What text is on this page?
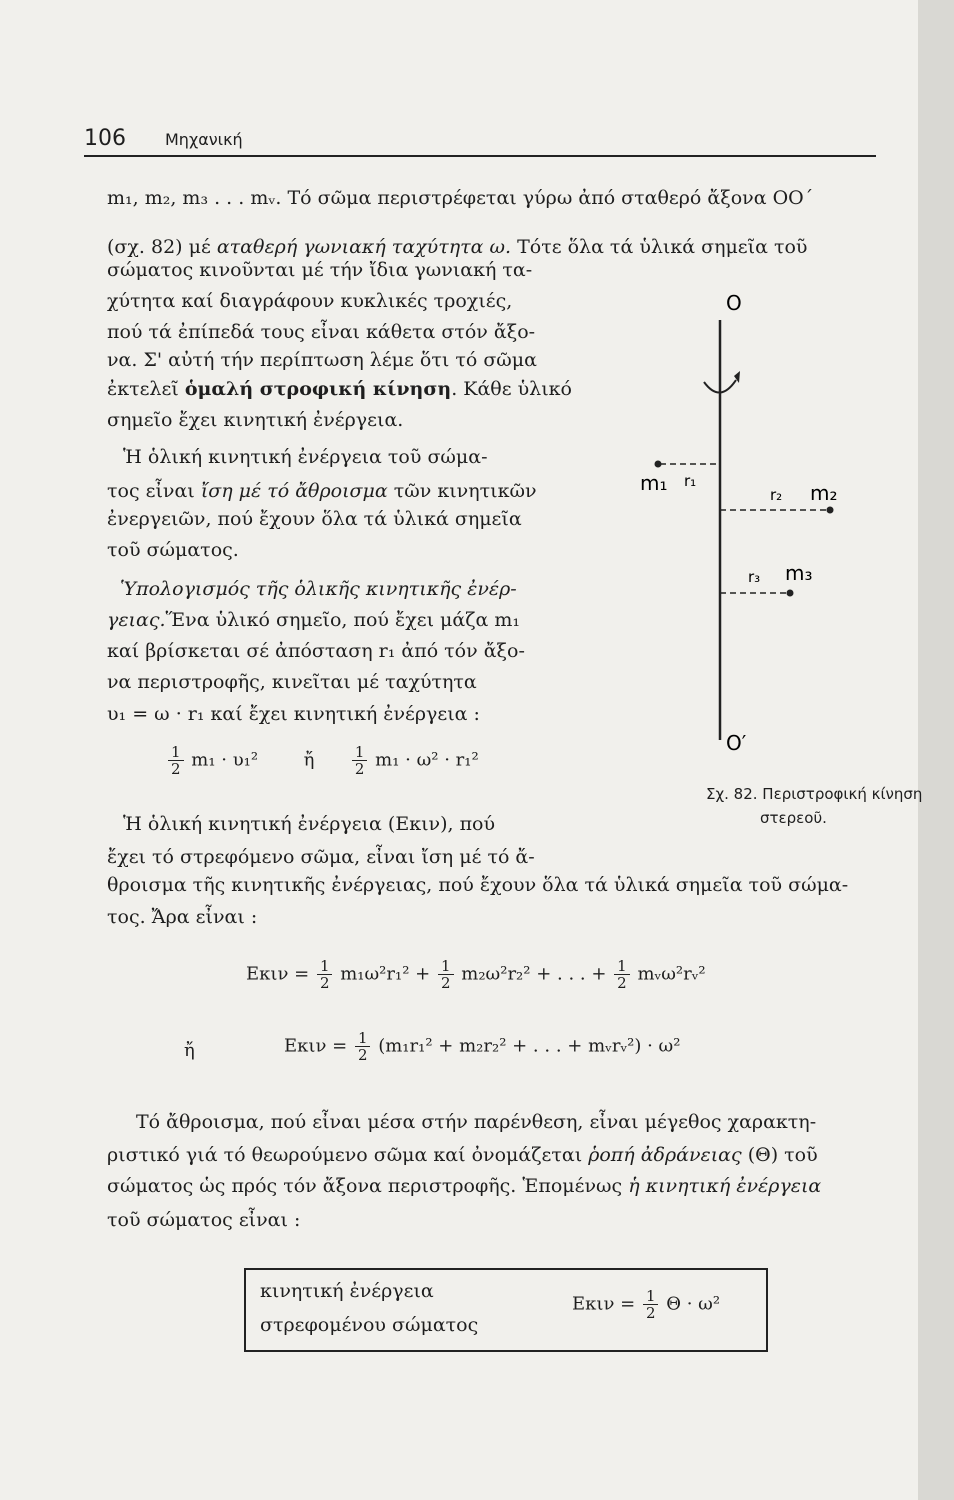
106 Μηχανική
m₁, m₂, m₃ . . . mᵥ. Τό σῶμα περιστρέφεται γύρω ἀπό σταθερό ἄξονα ΟΟ΄
(σχ. 82) μέ αταθερή γωνιακή ταχύτητα ω. Τότε ὅλα τά ὑλικά σημεῖα τοῦ
σώματος κινοῦνται μέ τήν ἴδια γωνιακή τα-
χύτητα καί διαγράφουν κυκλικές τροχιές,
πού τά ἐπίπεδά τους εἶναι κάθετα στόν ἄξο-
να. Σ' αὐτή τήν περίπτωση λέμε ὅτι τό σῶμα
ἐκτελεῖ ὁμαλή στροφική κίνηση. Κάθε ὑλικό
σημεῖο ἔχει κινητική ἐνέργεια.
Ἡ ὁλική κινητική ἐνέργεια τοῦ σώμα-
τος εἶναι ἴση μέ τό ἄθροισμα τῶν κινητικῶν
ἐνεργειῶν, πού ἔχουν ὅλα τά ὑλικά σημεῖα
τοῦ σώματος.
Ὑπολογισμός τῆς ὁλικῆς κινητικῆς ἐνέρ-
γειας.Ἕνα ὑλικό σημεῖο, πού ἔχει μάζα m₁
καί βρίσκεται σέ ἀπόσταση r₁ ἀπό τόν ἄξο-
να περιστροφῆς, κινεῖται μέ ταχύτητα
υ₁ = ω · r₁ καί ἔχει κινητική ἐνέργεια :
$\frac{1}{2} m_1 \cdot \upsilon_1^2$	ἤ $\frac{1}{2} m_1 \cdot \omega^2 \cdot r_1^2$
Ἡ ὁλική κινητική ἐνέργεια (Eκιν), πού
ἔχει τό στρεφόμενο σῶμα, εἶναι ἴση μέ τό ἄ-
θροισμα τῆς κινητικῆς ἐνέργειας, πού ἔχουν ὅλα τά ὑλικά σημεῖα τοῦ σώμα-
τος. Ἄρα εἶναι :
$E\kappa\iota\nu = \frac{1}{2} m_1\omega^2r_1^2 + \frac{1}{2} m_2\omega^2r_2^2$ + . . . + $\frac{1}{2}$ mᵥω²rᵥ²
ἤ	$E\kappa\iota\nu = \frac{1}{2} (m_1r_1^2 + m_2r_2^2$ + . . . + mᵥrᵥ²) · ω²
Τό ἄθροισμα, πού εἶναι μέσα στήν παρένθεση, εἶναι μέγεθος χαρακτη-
ριστικό γιά τό θεωρούμενο σῶμα καί ὀνομάζεται ῥοπή ἀδράνειας (Θ) τοῦ
σώματος ὡς πρός τόν ἄξονα περιστροφῆς. Ἑπομένως ἡ κινητική ἐνέργεια
τοῦ σώματος εἶναι :
κινητική ἐνέργεια
στρεφομένου σώματος
$E\kappa\iota\nu = \frac{1}{2}$ Θ · ω²
O
O′
m₁ r₁
r₂ m₂
r₃ m₃
Σχ. 82. Περιστροφική κίνηση
στερεοῦ.
